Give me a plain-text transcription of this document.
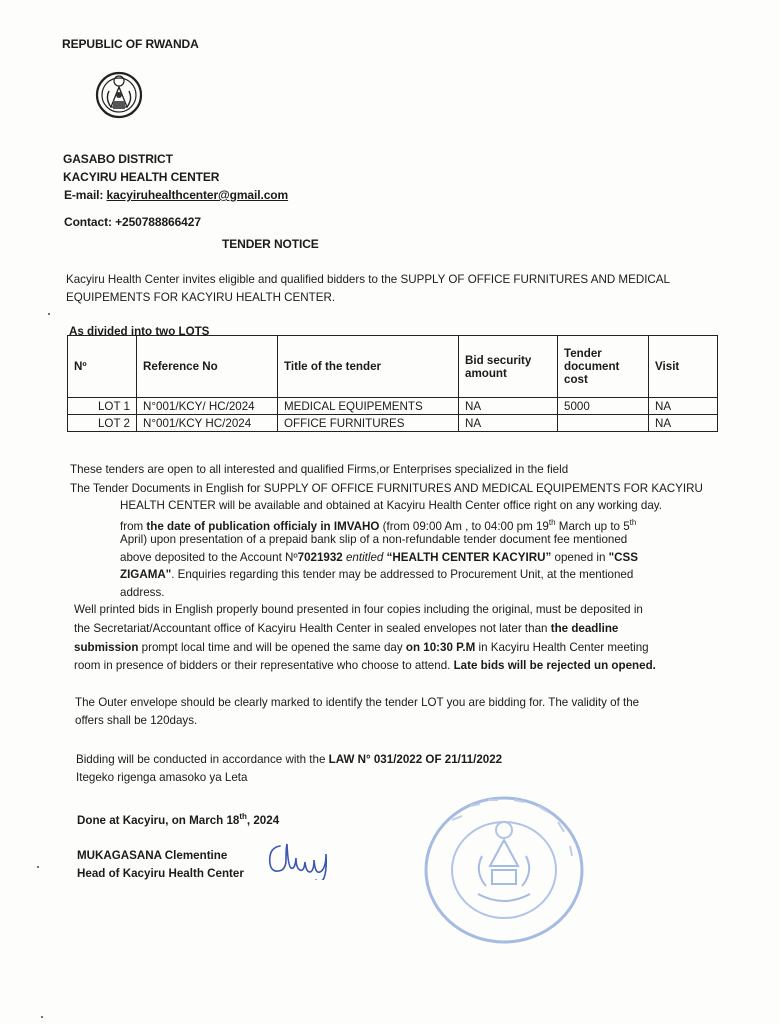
REPUBLIC OF RWANDA
GASABO DISTRICT
KACYIRU HEALTH CENTER
E-mail: kacyiruhealthcenter@gmail.com
Contact: +250788866427
TENDER NOTICE
Kacyiru Health Center invites eligible and qualified bidders to the SUPPLY OF OFFICE FURNITURES AND MEDICAL
EQUIPEMENTS FOR KACYIRU HEALTH CENTER.
As divided into two LOTS
Nº	Reference No	Title of the tender	Bid security amount	Tender document cost	Visit
LOT 1	N°001/KCY/ HC/2024	MEDICAL EQUIPEMENTS	NA	5000	NA
LOT 2	N°001/KCY HC/2024	OFFICE FURNITURES	NA		NA
These tenders are open to all interested and qualified Firms,or Enterprises specialized in the field
The Tender Documents in English for SUPPLY OF OFFICE FURNITURES AND MEDICAL EQUIPEMENTS FOR KACYIRU
HEALTH CENTER will be available and obtained at Kacyiru Health Center office right on any working day.
from the date of publication officialy in IMVAHO (from 09:00 Am , to 04:00 pm 19th March up to 5th
April) upon presentation of a prepaid bank slip of a non-refundable tender document fee mentioned
above deposited to the Account Nº7021932 entitled “HEALTH CENTER KACYIRU” opened in "CSS
ZIGAMA". Enquiries regarding this tender may be addressed to Procurement Unit, at the mentioned
address.
Well printed bids in English properly bound presented in four copies including the original, must be deposited in
the Secretariat/Accountant office of Kacyiru Health Center in sealed envelopes not later than the deadline
submission prompt local time and will be opened the same day on 10:30 P.M in Kacyiru Health Center meeting
room in presence of bidders or their representative who choose to attend. Late bids will be rejected un opened.
The Outer envelope should be clearly marked to identify the tender LOT you are bidding for. The validity of the
offers shall be 120days.
Bidding will be conducted in accordance with the LAW N° 031/2022 OF 21/11/2022
Itegeko rigenga amasoko ya Leta
Done at Kacyiru, on March 18th, 2024
MUKAGASANA Clementine
Head of Kacyiru Health Center
